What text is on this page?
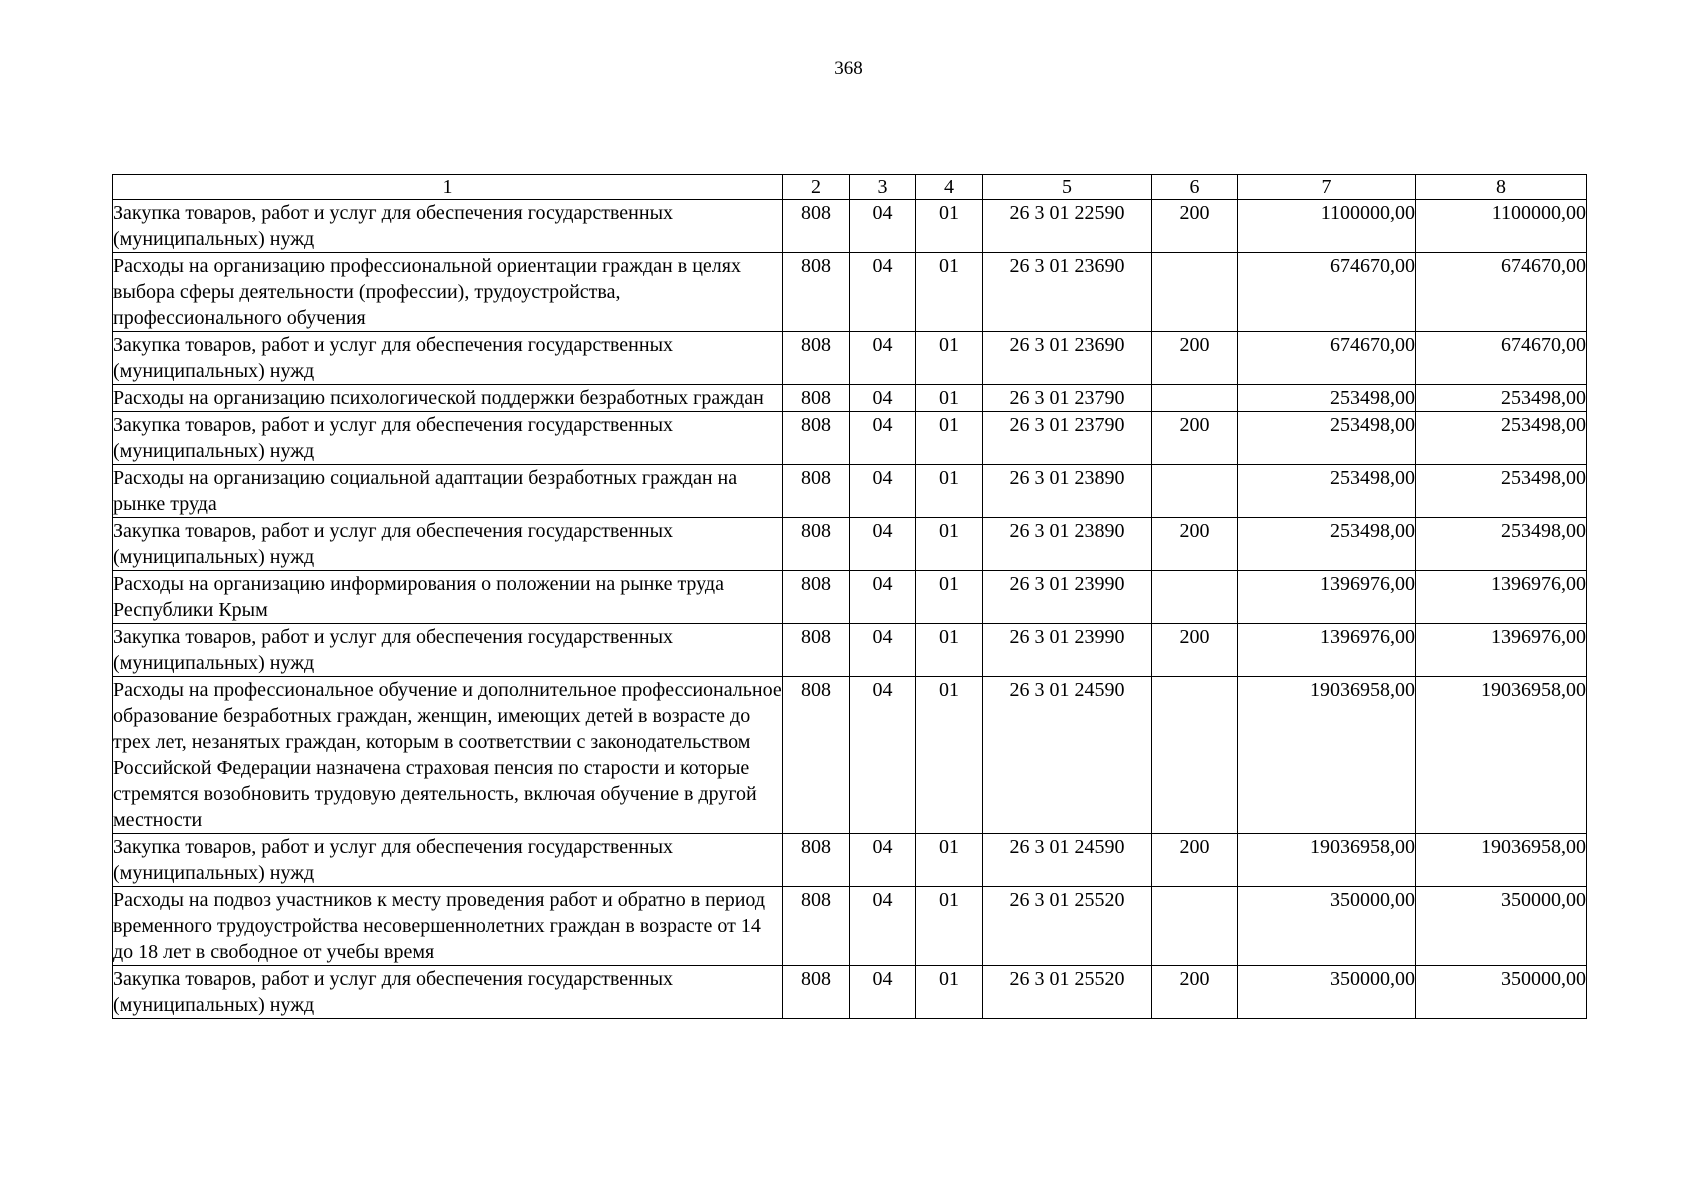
368
1	2	3	4	5	6	7	8
Закупка товаров, работ и услуг для обеспечения государственных (муниципальных) нужд	808	04	01	26 3 01 22590	200	1100000,00	1100000,00
Расходы на организацию профессиональной ориентации граждан в целях выбора сферы деятельности (профессии), трудоустройства, профессионального обучения	808	04	01	26 3 01 23690		674670,00	674670,00
Закупка товаров, работ и услуг для обеспечения государственных (муниципальных) нужд	808	04	01	26 3 01 23690	200	674670,00	674670,00
Расходы на организацию психологической поддержки безработных граждан	808	04	01	26 3 01 23790		253498,00	253498,00
Закупка товаров, работ и услуг для обеспечения государственных (муниципальных) нужд	808	04	01	26 3 01 23790	200	253498,00	253498,00
Расходы на организацию социальной адаптации безработных граждан на рынке труда	808	04	01	26 3 01 23890		253498,00	253498,00
Закупка товаров, работ и услуг для обеспечения государственных (муниципальных) нужд	808	04	01	26 3 01 23890	200	253498,00	253498,00
Расходы на организацию информирования о положении на рынке труда Республики Крым	808	04	01	26 3 01 23990		1396976,00	1396976,00
Закупка товаров, работ и услуг для обеспечения государственных (муниципальных) нужд	808	04	01	26 3 01 23990	200	1396976,00	1396976,00
Расходы на профессиональное обучение и дополнительное профессиональное образование безработных граждан, женщин, имеющих детей в возрасте до трех лет, незанятых граждан, которым в соответствии с законодательством Российской Федерации назначена страховая пенсия по старости и которые стремятся возобновить трудовую деятельность, включая обучение в другой местности	808	04	01	26 3 01 24590		19036958,00	19036958,00
Закупка товаров, работ и услуг для обеспечения государственных (муниципальных) нужд	808	04	01	26 3 01 24590	200	19036958,00	19036958,00
Расходы на подвоз участников к месту проведения работ и обратно в период временного трудоустройства несовершеннолетних граждан в возрасте от 14 до 18 лет в свободное от учебы время	808	04	01	26 3 01 25520		350000,00	350000,00
Закупка товаров, работ и услуг для обеспечения государственных (муниципальных) нужд	808	04	01	26 3 01 25520	200	350000,00	350000,00
